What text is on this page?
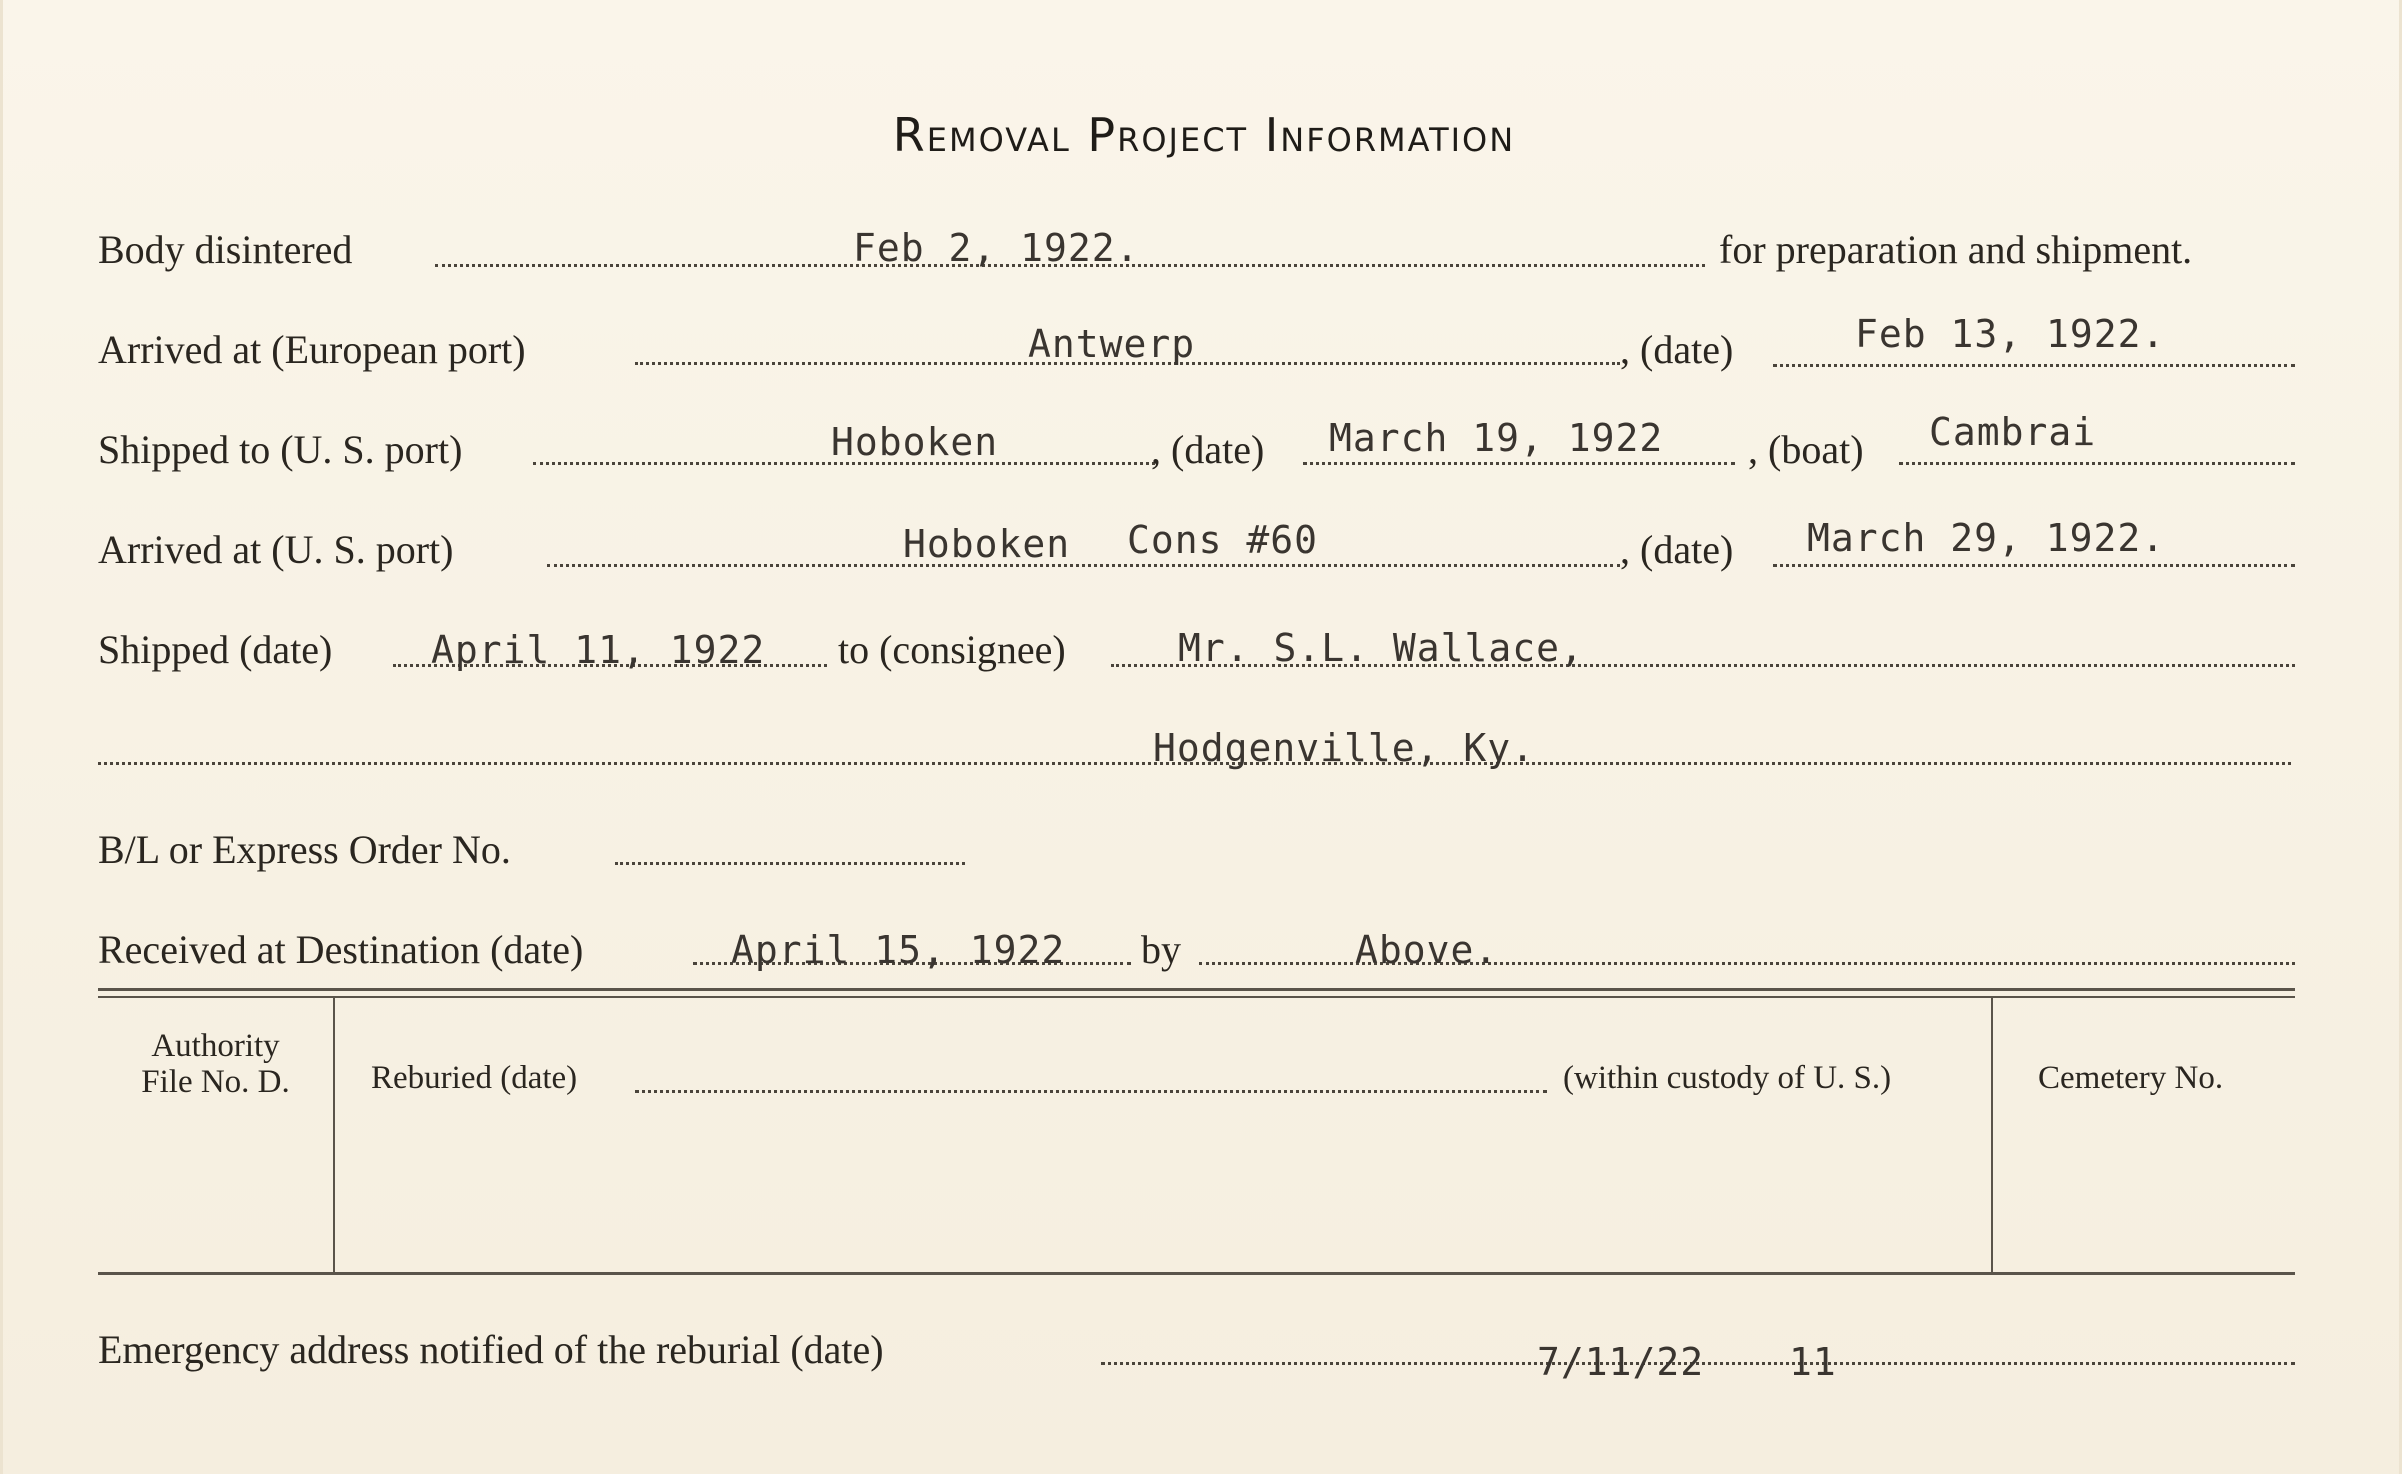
Removal Project Information
Body disintered	Feb 2, 1922.	for preparation and shipment.
Arrived at (European port)	Antwerp	, (date)	Feb 13, 1922.
Shipped to (U. S. port)	Hoboken	, (date) March 19, 1922 , (boat) Cambrai
Arrived at (U. S. port)	Hoboken Cons #60	, (date) March 29, 1922.
Shipped (date)	April 11, 1922 to (consignee)	Mr. S.L. Wallace,
Hodgenville, Ky.
B/L or Express Order No.
Received at Destination (date)	April 15, 1922 by	Above.
Authority
File No. D.	Reburied (date)	(within custody of U. S.)	Cemetery No.
Emergency address notified of the reburial (date)	7/11/22 11
